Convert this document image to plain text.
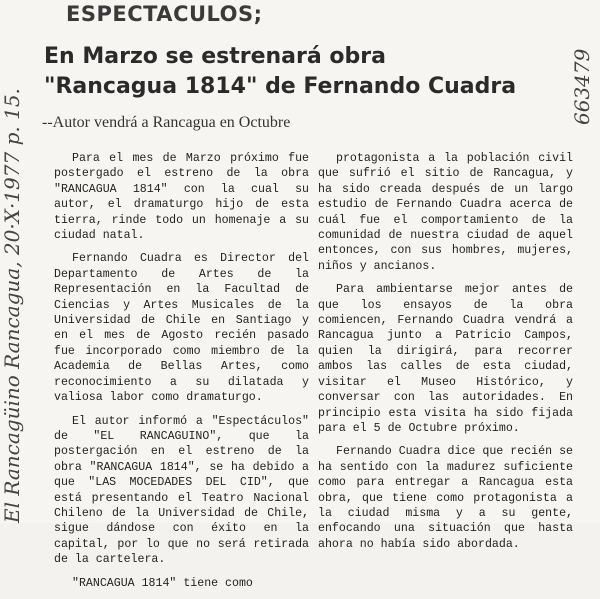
ESPECTACULOS;
En Marzo se estrenará obra
"Rancagua 1814" de Fernando Cuadra
--Autor vendrá a Rancagua en Octubre

Para el mes de Marzo próximo fue postergado el estreno de la obra "RANCAGUA 1814" con la cual su autor, el dramaturgo hijo de esta tierra, rinde todo un homenaje a su ciudad natal.

Fernando Cuadra es Director del Departamento de Artes de la Representación en la Facultad de Ciencias y Artes Musicales de la Universidad de Chile en Santiago y en el mes de Agosto recién pasado fue incorporado como miembro de la Academia de Bellas Artes, como reconocimiento a su dilatada y valiosa labor como dramaturgo.

El autor informó a "Espectáculos" de "EL RANCAGUINO", que la postergación en el estreno de la obra "RANCAGUA 1814", se ha debido a que "LAS MOCEDADES DEL CID", que está presentando el Teatro Nacional Chileno de la Universidad de Chile, sigue dándose con éxito en la capital, por lo que no será retirada de la cartelera.

"RANCAGUA 1814" tiene como

protagonista a la población civil que sufrió el sitio de Rancagua, y ha sido creada después de un largo estudio de Fernando Cuadra acerca de cuál fue el comportamiento de la comunidad de nuestra ciudad de aquel entonces, con sus hombres, mujeres, niños y ancianos.

Para ambientarse mejor antes de que los ensayos de la obra comiencen, Fernando Cuadra vendrá a Rancagua junto a Patricio Campos, quien la dirigirá, para recorrer ambos las calles de esta ciudad, visitar el Museo Histórico, y conversar con las autoridades. En principio esta visita ha sido fijada para el 5 de Octubre próximo.

Fernando Cuadra dice que recién se ha sentido con la madurez suficiente como para entregar a Rancagua esta obra, que tiene como protagonista a la ciudad misma y a su gente, enfocando una situación que hasta ahora no había sido abordada.

El Rancagüino Rancagua, 20·X·1977 p. 15.
663479
